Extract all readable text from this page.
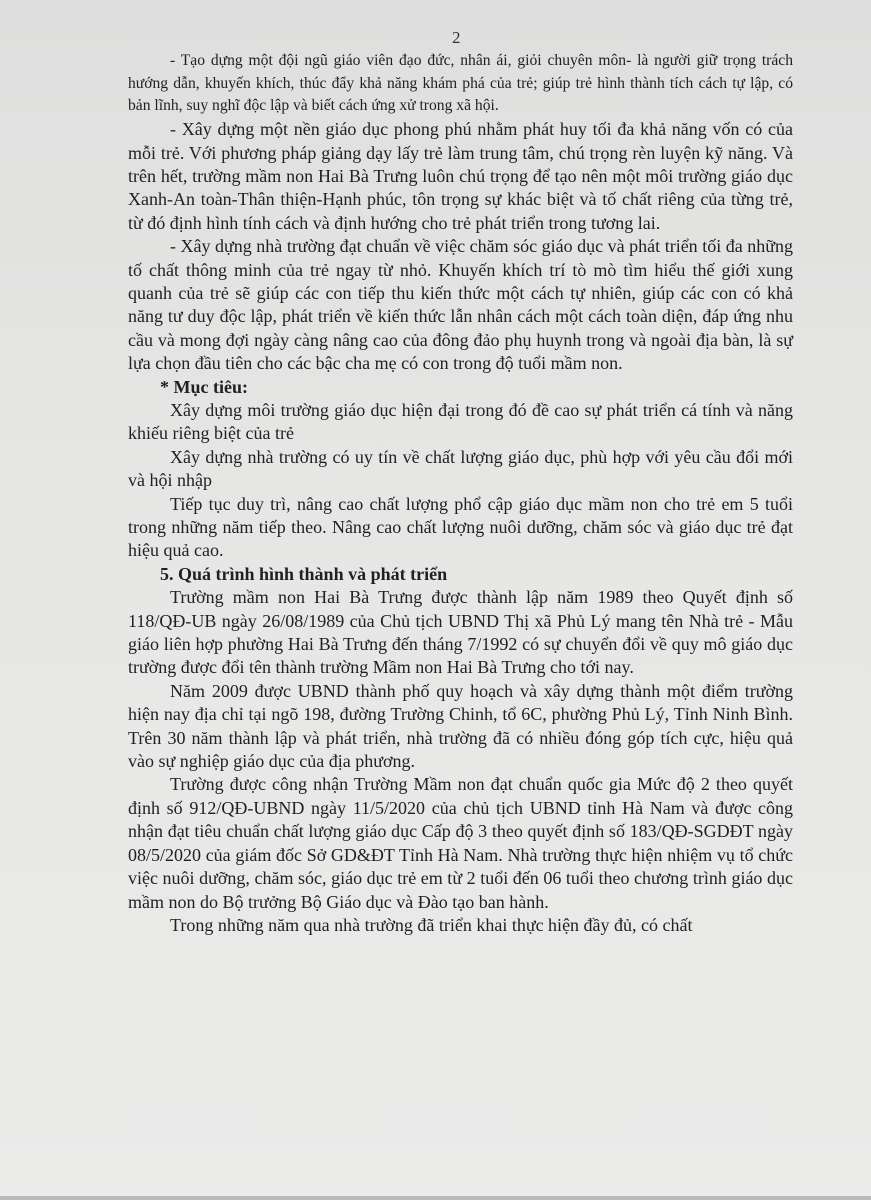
2

- Tạo dựng một đội ngũ giáo viên đạo đức, nhân ái, giỏi chuyên môn- là người giữ trọng trách hướng dẫn, khuyến khích, thúc đẩy khả năng khám phá của trẻ; giúp trẻ hình thành tích cách tự lập, có bản lĩnh, suy nghĩ độc lập và biết cách ứng xử trong xã hội.

- Xây dựng một nền giáo dục phong phú nhằm phát huy tối đa khả năng vốn có của mỗi trẻ. Với phương pháp giảng dạy lấy trẻ làm trung tâm, chú trọng rèn luyện kỹ năng. Và trên hết, trường mầm non Hai Bà Trưng luôn chú trọng để tạo nên một môi trường giáo dục Xanh-An toàn-Thân thiện-Hạnh phúc, tôn trọng sự khác biệt và tố chất riêng của từng trẻ, từ đó định hình tính cách và định hướng cho trẻ phát triển trong tương lai.

- Xây dựng nhà trường đạt chuẩn về việc chăm sóc giáo dục và phát triển tối đa những tố chất thông minh của trẻ ngay từ nhỏ. Khuyến khích trí tò mò tìm hiểu thế giới xung quanh của trẻ sẽ giúp các con tiếp thu kiến thức một cách tự nhiên, giúp các con có khả năng tư duy độc lập, phát triển về kiến thức lẫn nhân cách một cách toàn diện, đáp ứng nhu cầu và mong đợi ngày càng nâng cao của đông đảo phụ huynh trong và ngoài địa bàn, là sự lựa chọn đầu tiên cho các bậc cha mẹ có con trong độ tuổi mầm non.

* Mục tiêu:

Xây dựng môi trường giáo dục hiện đại trong đó đề cao sự phát triển cá tính và năng khiếu riêng biệt của trẻ

Xây dựng nhà trường có uy tín về chất lượng giáo dục, phù hợp với yêu cầu đổi mới và hội nhập

Tiếp tục duy trì, nâng cao chất lượng phổ cập giáo dục mầm non cho trẻ em 5 tuổi trong những năm tiếp theo. Nâng cao chất lượng nuôi dưỡng, chăm sóc và giáo dục trẻ đạt hiệu quả cao.

5. Quá trình hình thành và phát triển

Trường mầm non Hai Bà Trưng được thành lập năm 1989 theo Quyết định số 118/QĐ-UB ngày 26/08/1989 của Chủ tịch UBND Thị xã Phủ Lý mang tên Nhà trẻ - Mẫu giáo liên hợp phường Hai Bà Trưng đến tháng 7/1992 có sự chuyển đổi về quy mô giáo dục trường được đổi tên thành trường Mầm non Hai Bà Trưng cho tới nay.

Năm 2009 được UBND thành phố quy hoạch và xây dựng thành một điểm trường hiện nay địa chỉ tại ngõ 198, đường Trường Chinh, tổ 6C, phường Phủ Lý, Tỉnh Ninh Bình. Trên 30 năm thành lập và phát triển, nhà trường đã có nhiều đóng góp tích cực, hiệu quả vào sự nghiệp giáo dục của địa phương.

Trường được công nhận Trường Mầm non đạt chuẩn quốc gia Mức độ 2 theo quyết định số 912/QĐ-UBND ngày 11/5/2020 của chủ tịch UBND tỉnh Hà Nam và được công nhận đạt tiêu chuẩn chất lượng giáo dục Cấp độ 3 theo quyết định số 183/QĐ-SGDĐT ngày 08/5/2020 của giám đốc Sở GD&ĐT Tỉnh Hà Nam. Nhà trường thực hiện nhiệm vụ tổ chức việc nuôi dưỡng, chăm sóc, giáo dục trẻ em từ 2 tuổi đến 06 tuổi theo chương trình giáo dục mầm non do Bộ trưởng Bộ Giáo dục và Đào tạo ban hành.

Trong những năm qua nhà trường đã triển khai thực hiện đầy đủ, có chất
